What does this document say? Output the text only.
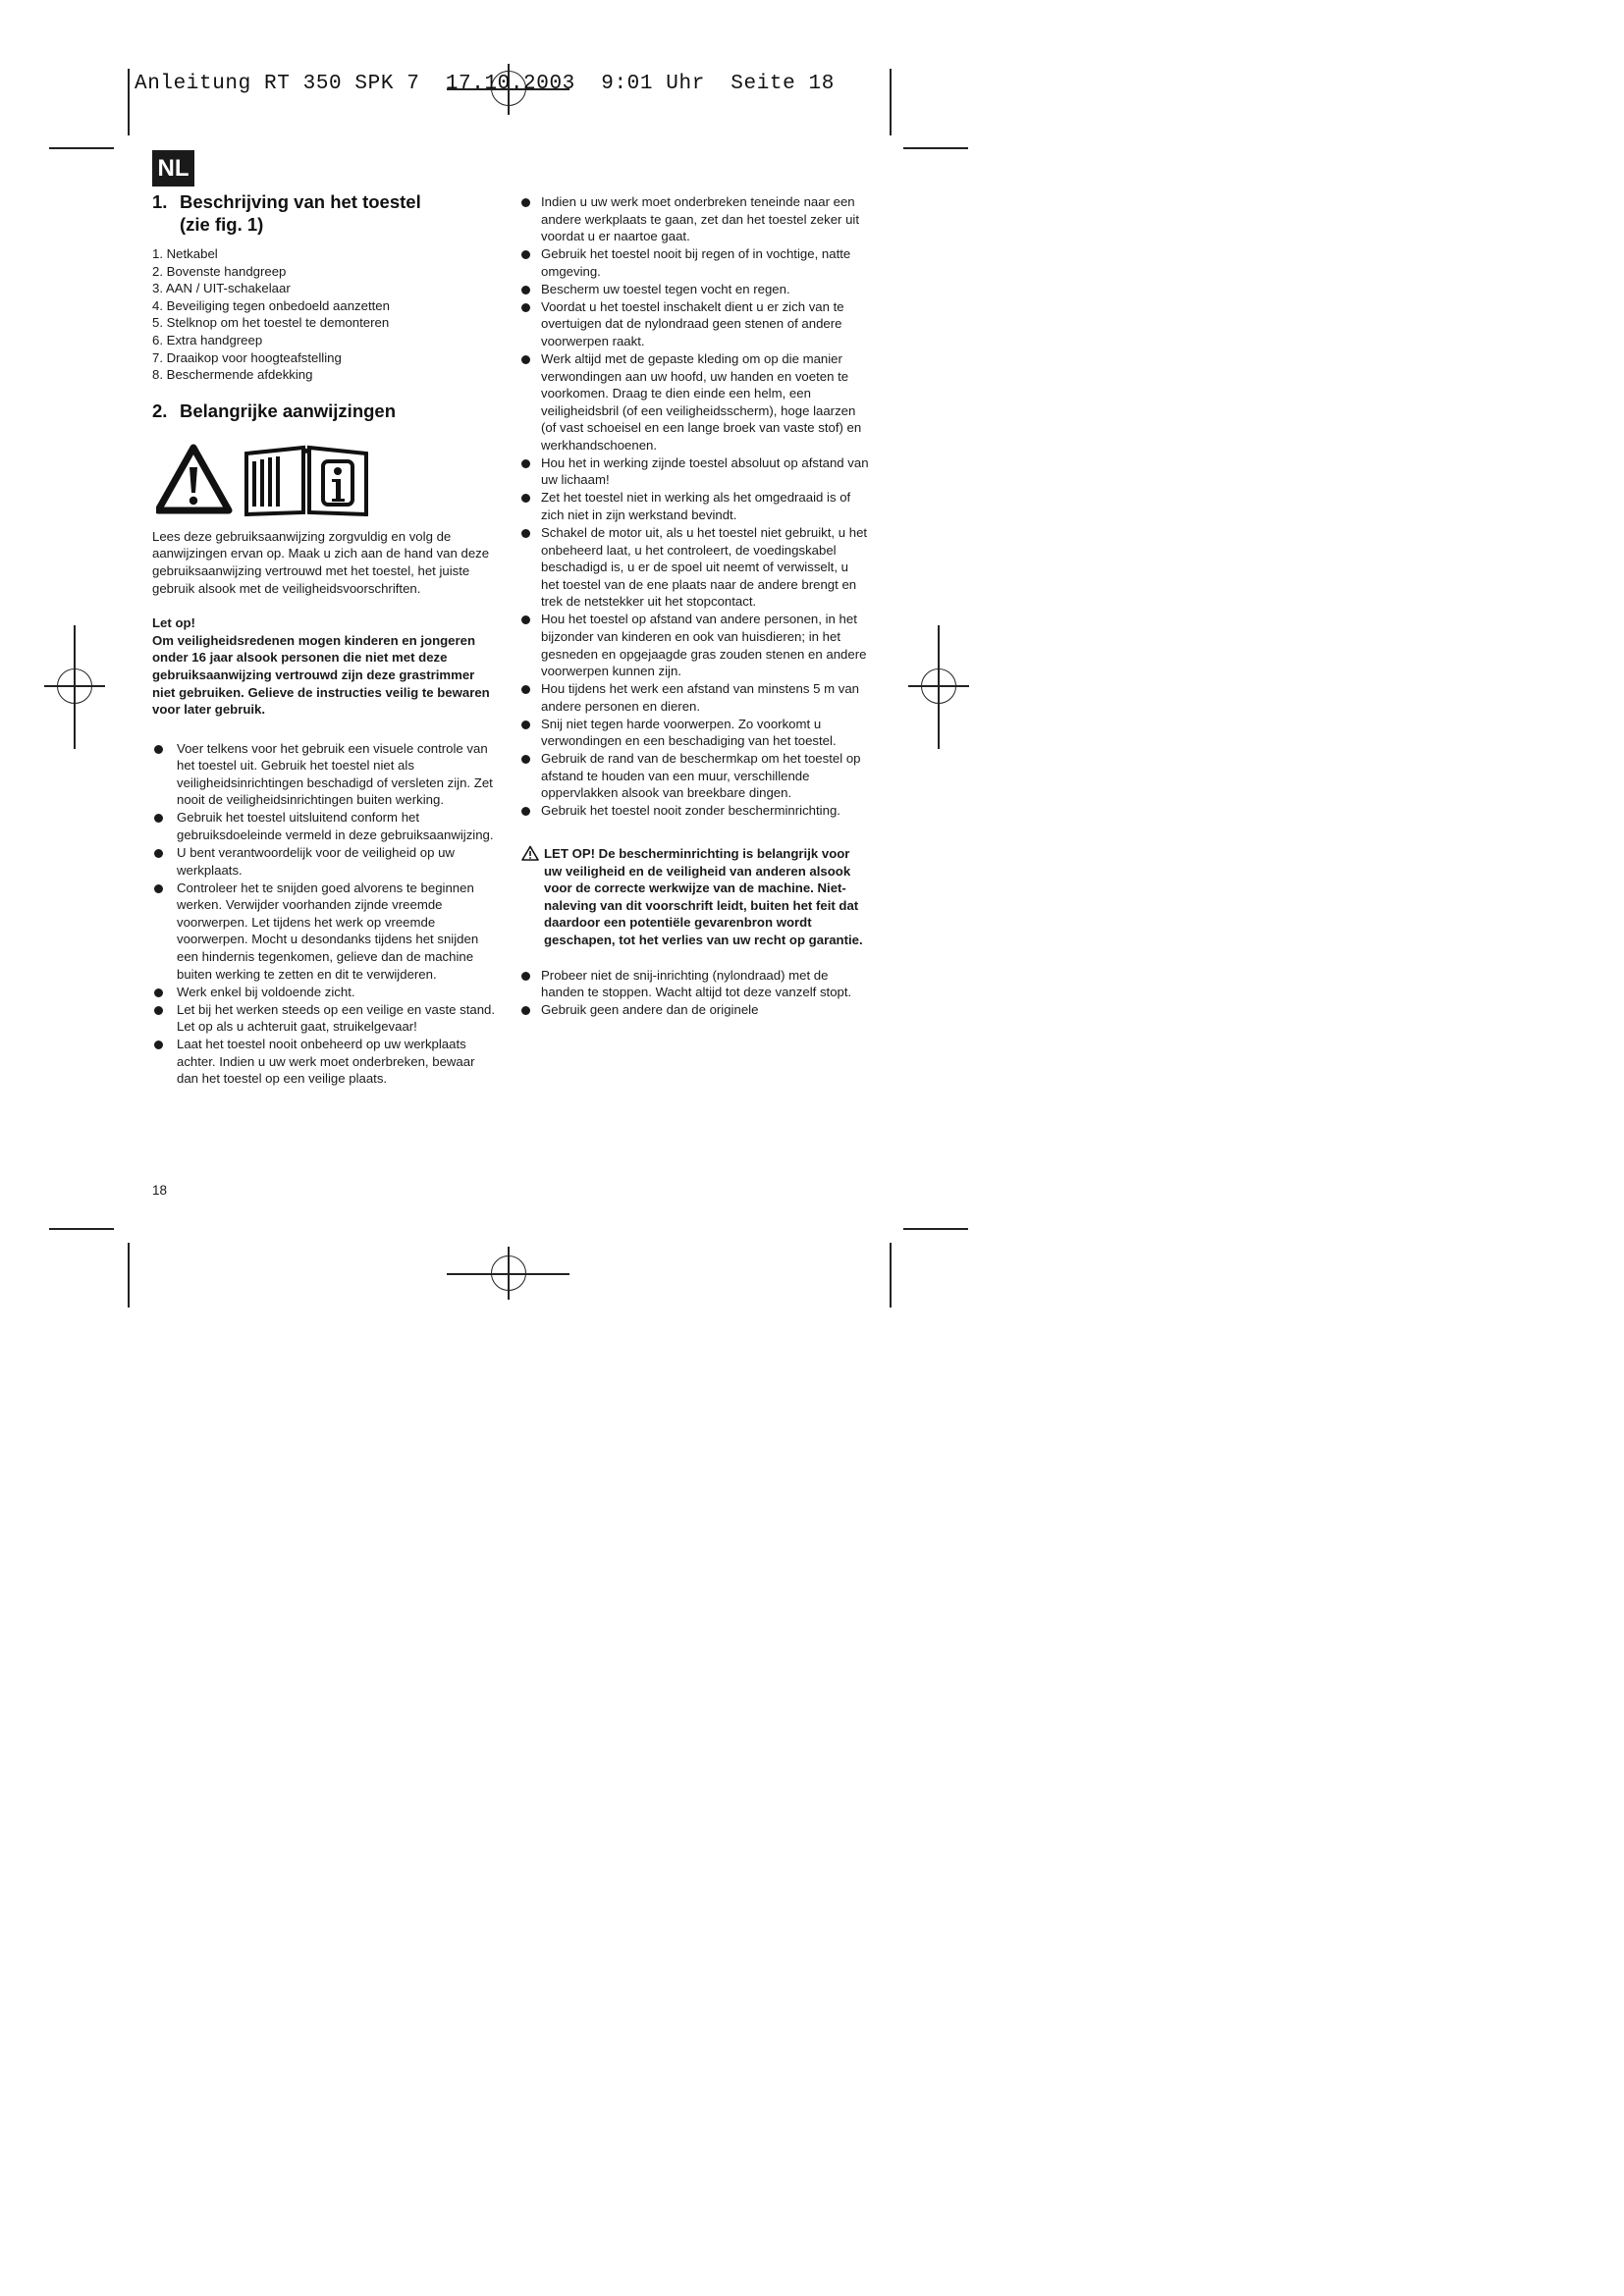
Anleitung RT 350 SPK 7  17.10.2003  9:01 Uhr  Seite 18
NL
1. Beschrijving van het toestel
(zie fig. 1)
1. Netkabel
2. Bovenste handgreep
3. AAN / UIT-schakelaar
4. Beveiliging tegen onbedoeld aanzetten
5. Stelknop om het toestel te demonteren
6. Extra handgreep
7. Draaikop voor hoogteafstelling
8. Beschermende afdekking
2. Belangrijke aanwijzingen

Lees deze gebruiksaanwijzing zorgvuldig en volg de aanwijzingen ervan op. Maak u zich aan de hand van deze gebruiksaanwijzing vertrouwd met het toestel, het juiste gebruik alsook met de veiligheidsvoorschriften.

Let op!

Om veiligheidsredenen mogen kinderen en jongeren onder 16 jaar alsook personen die niet met deze gebruiksaanwijzing vertrouwd zijn deze grastrimmer niet gebruiken. Gelieve de instructies veilig te bewaren voor later gebruik.

Voer telkens voor het gebruik een visuele controle van het toestel uit. Gebruik het toestel niet als veiligheidsinrichtingen beschadigd of versleten zijn. Zet nooit de veiligheidsinrichtingen buiten werking.
Gebruik het toestel uitsluitend conform het gebruiksdoeleinde vermeld in deze gebruiksaanwijzing.
U bent verantwoordelijk voor de veiligheid op uw werkplaats.
Controleer het te snijden goed alvorens te beginnen werken. Verwijder voorhanden zijnde vreemde voorwerpen. Let tijdens het werk op vreemde voorwerpen. Mocht u desondanks tijdens het snijden een hindernis tegenkomen, gelieve dan de machine buiten werking te zetten en dit te verwijderen.
Werk enkel bij voldoende zicht.
Let bij het werken steeds op een veilige en vaste stand. Let op als u achteruit gaat, struikelgevaar!
Laat het toestel nooit onbeheerd op uw werkplaats achter. Indien u uw werk moet onderbreken, bewaar dan het toestel op een veilige plaats.
Indien u uw werk moet onderbreken teneinde naar een andere werkplaats te gaan, zet dan het toestel zeker uit voordat u er naartoe gaat.
Gebruik het toestel nooit bij regen of in vochtige, natte omgeving.
Bescherm uw toestel tegen vocht en regen.
Voordat u het toestel inschakelt dient u er zich van te overtuigen dat de nylondraad geen stenen of andere voorwerpen raakt.
Werk altijd met de gepaste kleding om op die manier verwondingen aan uw hoofd, uw handen en voeten te voorkomen. Draag te dien einde een helm, een veiligheidsbril (of een veiligheidsscherm), hoge laarzen (of vast schoeisel en een lange broek van vaste stof) en werkhandschoenen.
Hou het in werking zijnde toestel absoluut op afstand van uw lichaam!
Zet het toestel niet in werking als het omgedraaid is of zich niet in zijn werkstand bevindt.
Schakel de motor uit, als u het toestel niet gebruikt, u het onbeheerd laat, u het controleert, de voedingskabel beschadigd is, u er de spoel uit neemt of verwisselt, u het toestel van de ene plaats naar de andere brengt en trek de netstekker uit het stopcontact.
Hou het toestel op afstand van andere personen, in het bijzonder van kinderen en ook van huisdieren; in het gesneden en opgejaagde gras zouden stenen en andere voorwerpen kunnen zijn.
Hou tijdens het werk een afstand van minstens 5 m van andere personen en dieren.
Snij niet tegen harde voorwerpen. Zo voorkomt u verwondingen en een beschadiging van het toestel.
Gebruik de rand van de beschermkap om het toestel op afstand te houden van een muur, verschillende oppervlakken alsook van breekbare dingen.
Gebruik het toestel nooit zonder bescherminrichting.

LET OP! De bescherminrichting is belangrijk voor uw veiligheid en de veiligheid van anderen alsook voor de correcte werkwijze van de machine. Niet-naleving van dit voorschrift leidt, buiten het feit dat daardoor een potentiële gevarenbron wordt geschapen, tot het verlies van uw recht op garantie.

Probeer niet de snij-inrichting (nylondraad) met de handen te stoppen. Wacht altijd tot deze vanzelf stopt.
Gebruik geen andere dan de originele
18
